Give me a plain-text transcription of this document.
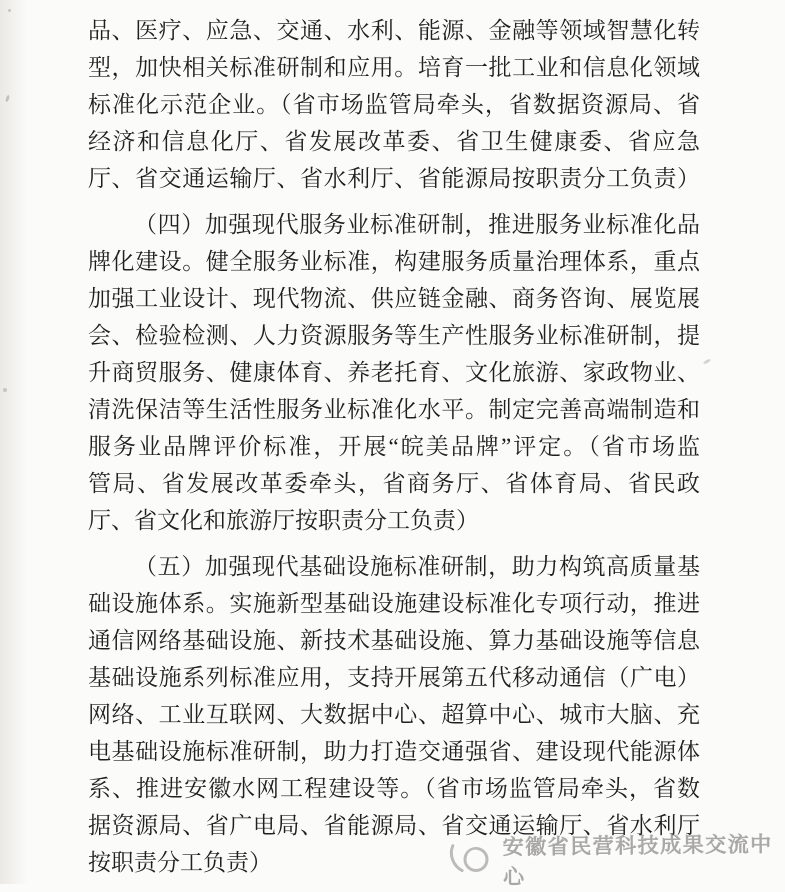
品、医疗、应急、交通、水利、能源、金融等领域智慧化转
型，加快相关标准研制和应用。培育一批工业和信息化领域
标准化示范企业。（省市场监管局牵头，省数据资源局、省
经济和信息化厅、省发展改革委、省卫生健康委、省应急
厅、省交通运输厅、省水利厅、省能源局按职责分工负责）
（四）加强现代服务业标准研制，推进服务业标准化品
牌化建设。健全服务业标准，构建服务质量治理体系，重点
加强工业设计、现代物流、供应链金融、商务咨询、展览展
会、检验检测、人力资源服务等生产性服务业标准研制，提
升商贸服务、健康体育、养老托育、文化旅游、家政物业、
清洗保洁等生活性服务业标准化水平。制定完善高端制造和
服务业品牌评价标准，开展“皖美品牌”评定。（省市场监
管局、省发展改革委牵头，省商务厅、省体育局、省民政
厅、省文化和旅游厅按职责分工负责）
（五）加强现代基础设施标准研制，助力构筑高质量基
础设施体系。实施新型基础设施建设标准化专项行动，推进
通信网络基础设施、新技术基础设施、算力基础设施等信息
基础设施系列标准应用，支持开展第五代移动通信（广电）
网络、工业互联网、大数据中心、超算中心、城市大脑、充
电基础设施标准研制，助力打造交通强省、建设现代能源体
系、推进安徽水网工程建设等。（省市场监管局牵头，省数
据资源局、省广电局、省能源局、省交通运输厅、省水利厅
按职责分工负责）
安徽省民营科技成果交流中心
